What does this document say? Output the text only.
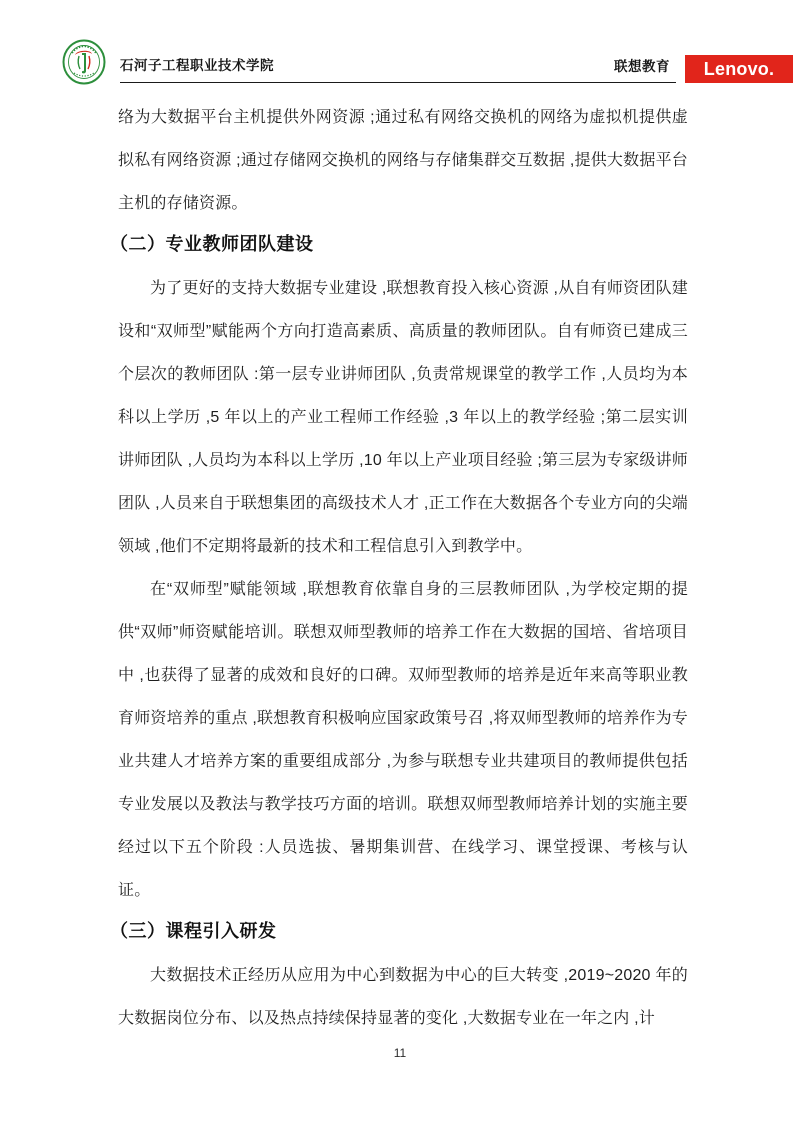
石河子工程职业技术学院	联想教育 Lenovo.

络为大数据平台主机提供外网资源 ;通过私有网络交换机的网络为虚拟机提供虚拟私有网络资源 ;通过存储网交换机的网络与存储集群交互数据 ,提供大数据平台主机的存储资源。

（二）专业教师团队建设

为了更好的支持大数据专业建设 ,联想教育投入核心资源 ,从自有师资团队建设和“双师型”赋能两个方向打造高素质、高质量的教师团队。自有师资已建成三个层次的教师团队 :第一层专业讲师团队 ,负责常规课堂的教学工作 ,人员均为本科以上学历 ,5 年以上的产业工程师工作经验 ,3 年以上的教学经验 ;第二层实训讲师团队 ,人员均为本科以上学历 ,10 年以上产业项目经验 ;第三层为专家级讲师团队 ,人员来自于联想集团的高级技术人才 ,正工作在大数据各个专业方向的尖端领域 ,他们不定期将最新的技术和工程信息引入到教学中。

在“双师型”赋能领域 ,联想教育依靠自身的三层教师团队 ,为学校定期的提供“双师”师资赋能培训。联想双师型教师的培养工作在大数据的国培、省培项目中 ,也获得了显著的成效和良好的口碑。双师型教师的培养是近年来高等职业教育师资培养的重点 ,联想教育积极响应国家政策号召 ,将双师型教师的培养作为专业共建人才培养方案的重要组成部分 ,为参与联想专业共建项目的教师提供包括专业发展以及教法与教学技巧方面的培训。联想双师型教师培养计划的实施主要经过以下五个阶段 :人员选拔、暑期集训营、在线学习、课堂授课、考核与认证。

（三）课程引入研发

大数据技术正经历从应用为中心到数据为中心的巨大转变 ,2019~2020 年的大数据岗位分布、以及热点持续保持显著的变化 ,大数据专业在一年之内 ,计

11
